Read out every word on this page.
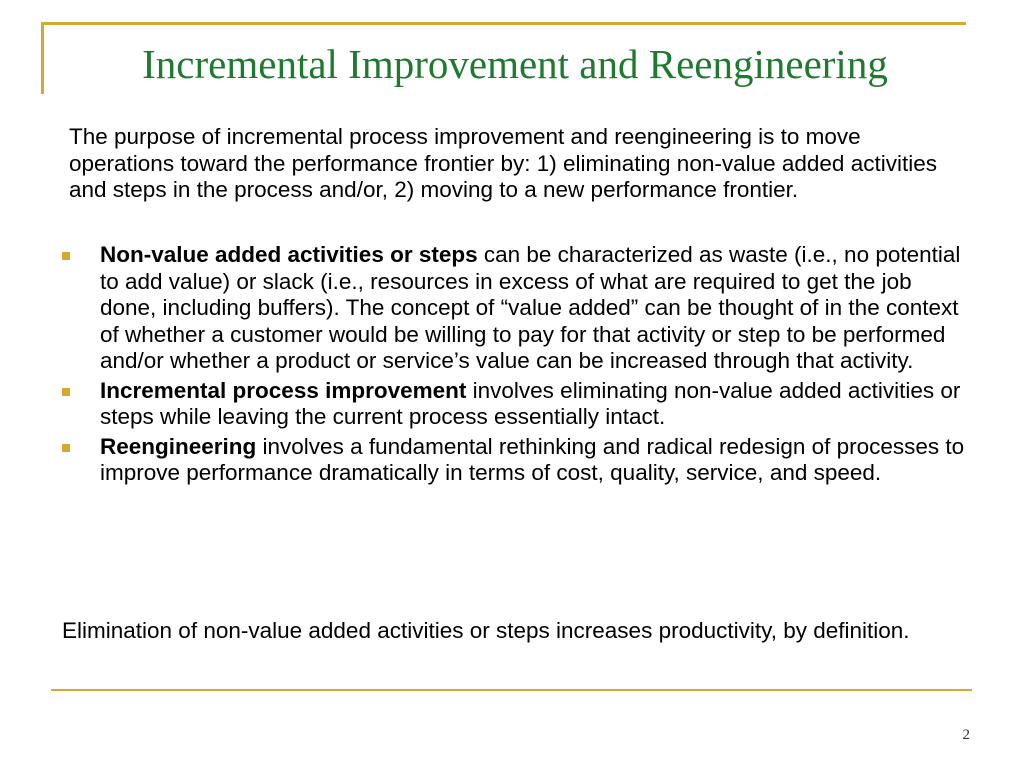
Incremental Improvement and Reengineering
The purpose of incremental process improvement and reengineering is to move operations toward the performance frontier by: 1) eliminating non-value added activities and steps in the process and/or, 2) moving to a new performance frontier.
Non-value added activities or steps can be characterized as waste (i.e., no potential to add value) or slack (i.e., resources in excess of what are required to get the job done, including buffers). The concept of “value added” can be thought of in the context of whether a customer would be willing to pay for that activity or step to be performed and/or whether a product or service’s value can be increased through that activity.
Incremental process improvement involves eliminating non-value added activities or steps while leaving the current process essentially intact.
Reengineering involves a fundamental rethinking and radical redesign of processes to improve performance dramatically in terms of cost, quality, service, and speed.
Elimination of non-value added activities or steps increases productivity, by definition.
2
